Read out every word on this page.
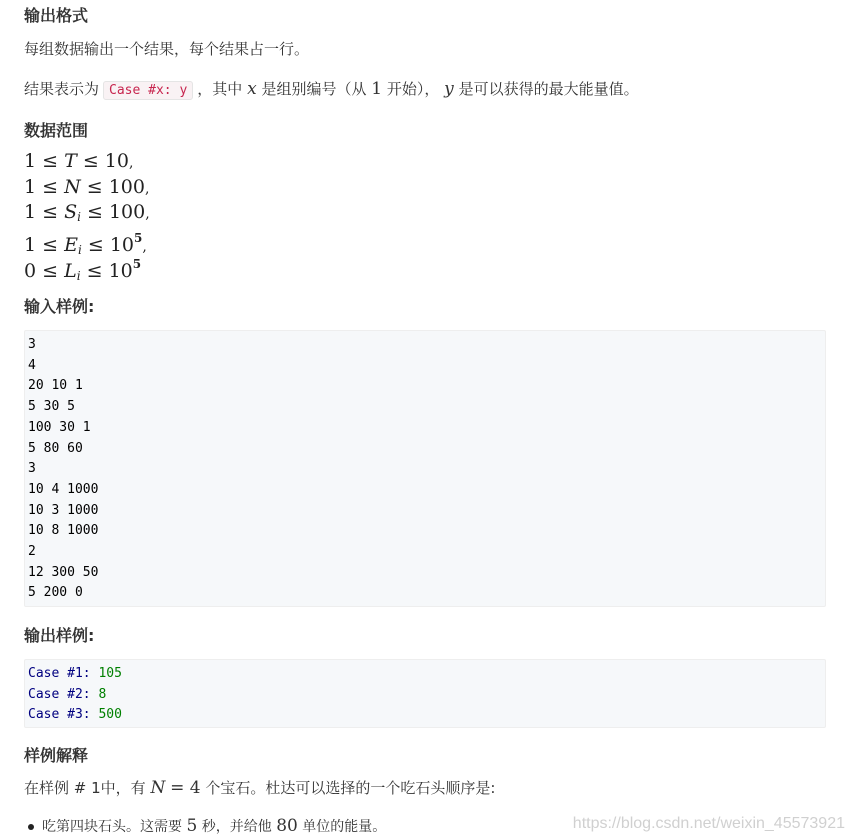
输出格式

每组数据输出一个结果，每个结果占一行。

结果表示为 Case #x: y ，其中 x 是组别编号（从 1 开始）， y 是可以获得的最大能量值。

数据范围
1 ≤ T ≤ 10,
1 ≤ N ≤ 100,
$1 \le S_i \le 100$,
$1 \le E_i \le 10^5$,
$0 \le L_i \le 10^5$
输入样例:
3
4
20 10 1
5 30 5
100 30 1
5 80 60
3
10 4 1000
10 3 1000
10 8 1000
2
12 300 50
5 200 0
输出样例:
Case #1: 105
Case #2: 8
Case #3: 500
样例解释

在样例 # 1中，有 N = 4 个宝石。杜达可以选择的一个吃石头顺序是:

吃第四块石头。这需要 5 秒，并给他 80 单位的能量。	https://blog.csdn.net/weixin_45573921
